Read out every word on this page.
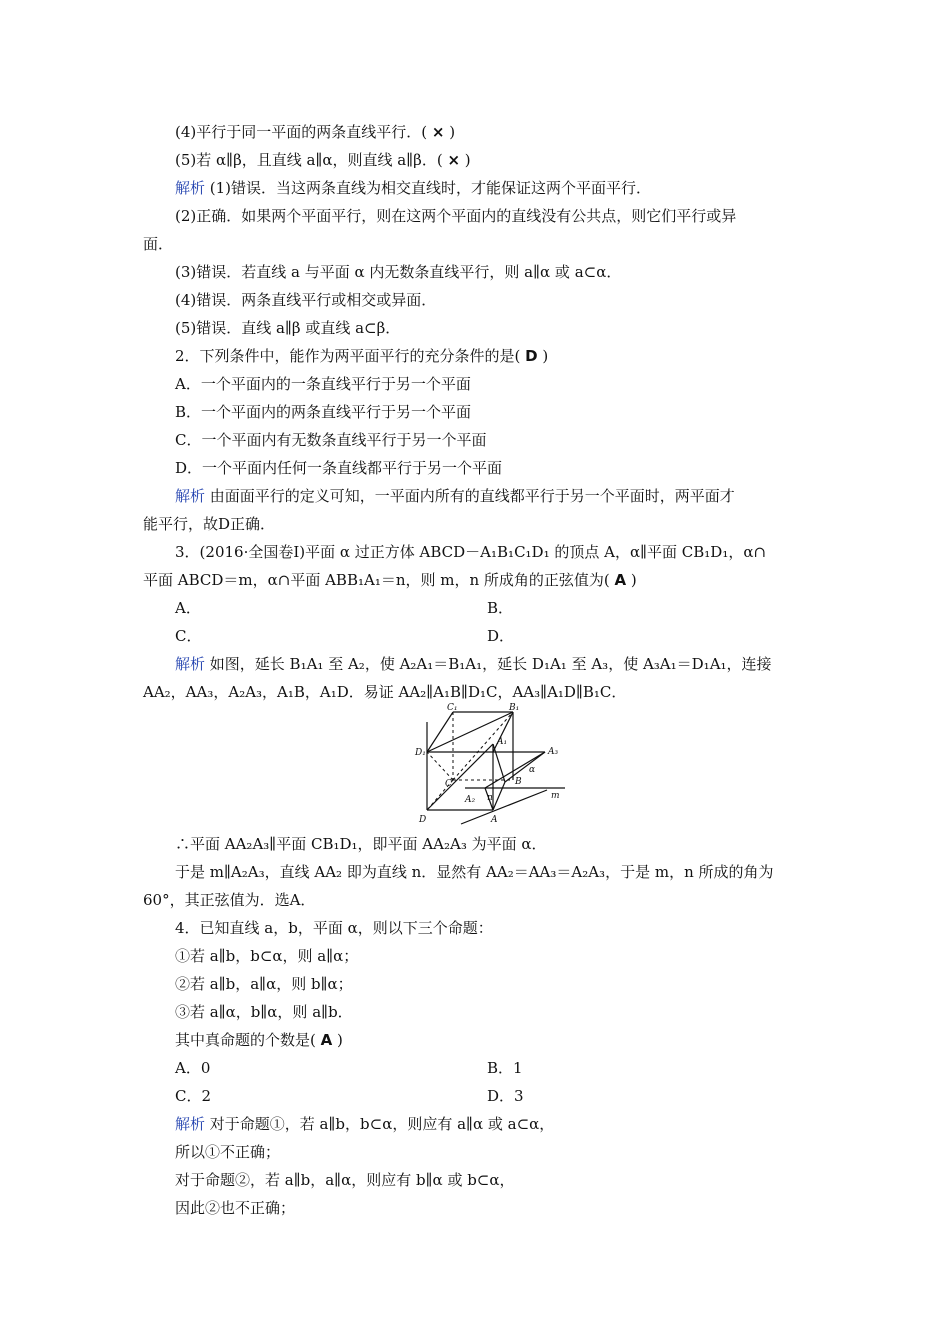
(4)平行于同一平面的两条直线平行．( × )
(5)若 α∥β，且直线 a∥α，则直线 a∥β．( × )
解析 (1)错误．当这两条直线为相交直线时，才能保证这两个平面平行．
(2)正确．如果两个平面平行，则在这两个平面内的直线没有公共点，则它们平行或异
面．
(3)错误．若直线 a 与平面 α 内无数条直线平行，则 a∥α 或 a⊂α．
(4)错误．两条直线平行或相交或异面．
(5)错误．直线 a∥β 或直线 a⊂β．
2．下列条件中，能作为两平面平行的充分条件的是( D )
A．一个平面内的一条直线平行于另一个平面
B．一个平面内的两条直线平行于另一个平面
C．一个平面内有无数条直线平行于另一个平面
D．一个平面内任何一条直线都平行于另一个平面
解析 由面面平行的定义可知，一平面内所有的直线都平行于另一个平面时，两平面才
能平行，故D正确．
3．(2016·全国卷Ⅰ)平面 α 过正方体 ABCD－A₁B₁C₁D₁ 的顶点 A，α∥平面 CB₁D₁，α∩
平面 ABCD＝m，α∩平面 ABB₁A₁＝n，则 m，n 所成角的正弦值为( A )
A．	B．
C．	D．
解析 如图，延长 B₁A₁ 至 A₂，使 A₂A₁＝B₁A₁，延长 D₁A₁ 至 A₃，使 A₃A₁＝D₁A₁，连接
AA₂，AA₃，A₂A₃，A₁B，A₁D．易证 AA₂∥A₁B∥D₁C，AA₃∥A₁D∥B₁C．
C₁	B₁
D₁
A₁
A₃
C	B
A₂ n
α
D	A
m
∴平面 AA₂A₃∥平面 CB₁D₁，即平面 AA₂A₃ 为平面 α．
于是 m∥A₂A₃，直线 AA₂ 即为直线 n．显然有 AA₂＝AA₃＝A₂A₃，于是 m，n 所成的角为
60°，其正弦值为．选A．
4．已知直线 a，b，平面 α，则以下三个命题：
①若 a∥b，b⊂α，则 a∥α；
②若 a∥b，a∥α，则 b∥α；
③若 a∥α，b∥α，则 a∥b．
其中真命题的个数是( A )
A．0	B．1
C．2	D．3
解析 对于命题①，若 a∥b，b⊂α，则应有 a∥α 或 a⊂α，
所以①不正确；
对于命题②，若 a∥b，a∥α，则应有 b∥α 或 b⊂α，
因此②也不正确；
